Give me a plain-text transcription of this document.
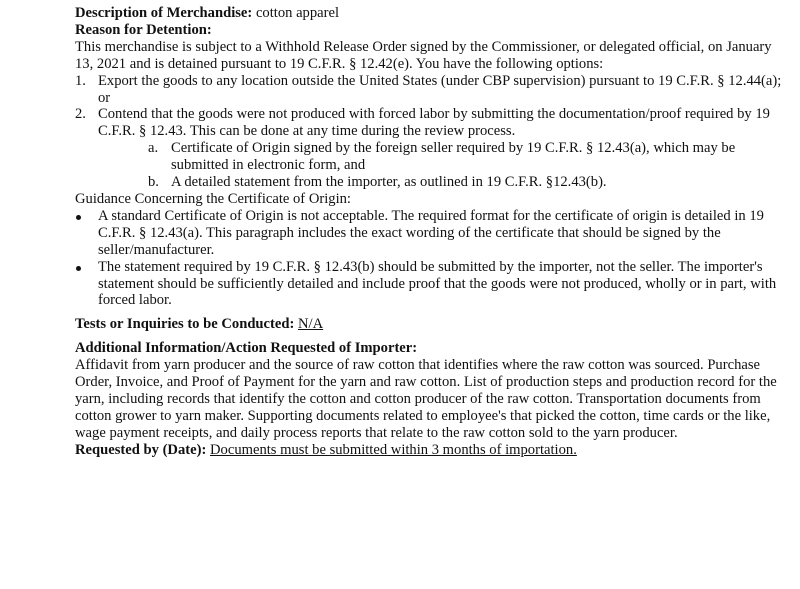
Description of Merchandise: cotton apparel

Reason for Detention:

This merchandise is subject to a Withhold Release Order signed by the Commissioner, or delegated official, on January 13, 2021 and is detained pursuant to 19 C.F.R. § 12.42(e). You have the following options:

1. Export the goods to any location outside the United States (under CBP supervision) pursuant to 19 C.F.R. § 12.44(a); or
2. Contend that the goods were not produced with forced labor by submitting the documentation/proof required by 19 C.F.R. § 12.43. This can be done at any time during the review process.
a. Certificate of Origin signed by the foreign seller required by 19 C.F.R. § 12.43(a), which may be submitted in electronic form, and
b. A detailed statement from the importer, as outlined in 19 C.F.R. §12.43(b).

Guidance Concerning the Certificate of Origin:

A standard Certificate of Origin is not acceptable. The required format for the certificate of origin is detailed in 19 C.F.R. § 12.43(a). This paragraph includes the exact wording of the certificate that should be signed by the seller/manufacturer.
The statement required by 19 C.F.R. § 12.43(b) should be submitted by the importer, not the seller. The importer's statement should be sufficiently detailed and include proof that the goods were not produced, wholly or in part, with forced labor.

Tests or Inquiries to be Conducted: N/A

Additional Information/Action Requested of Importer:

Affidavit from yarn producer and the source of raw cotton that identifies where the raw cotton was sourced. Purchase Order, Invoice, and Proof of Payment for the yarn and raw cotton. List of production steps and production record for the yarn, including records that identify the cotton and cotton producer of the raw cotton. Transportation documents from cotton grower to yarn maker. Supporting documents related to employee's that picked the cotton, time cards or the like, wage payment receipts, and daily process reports that relate to the raw cotton sold to the yarn producer.

Requested by (Date): Documents must be submitted within 3 months of importation.
